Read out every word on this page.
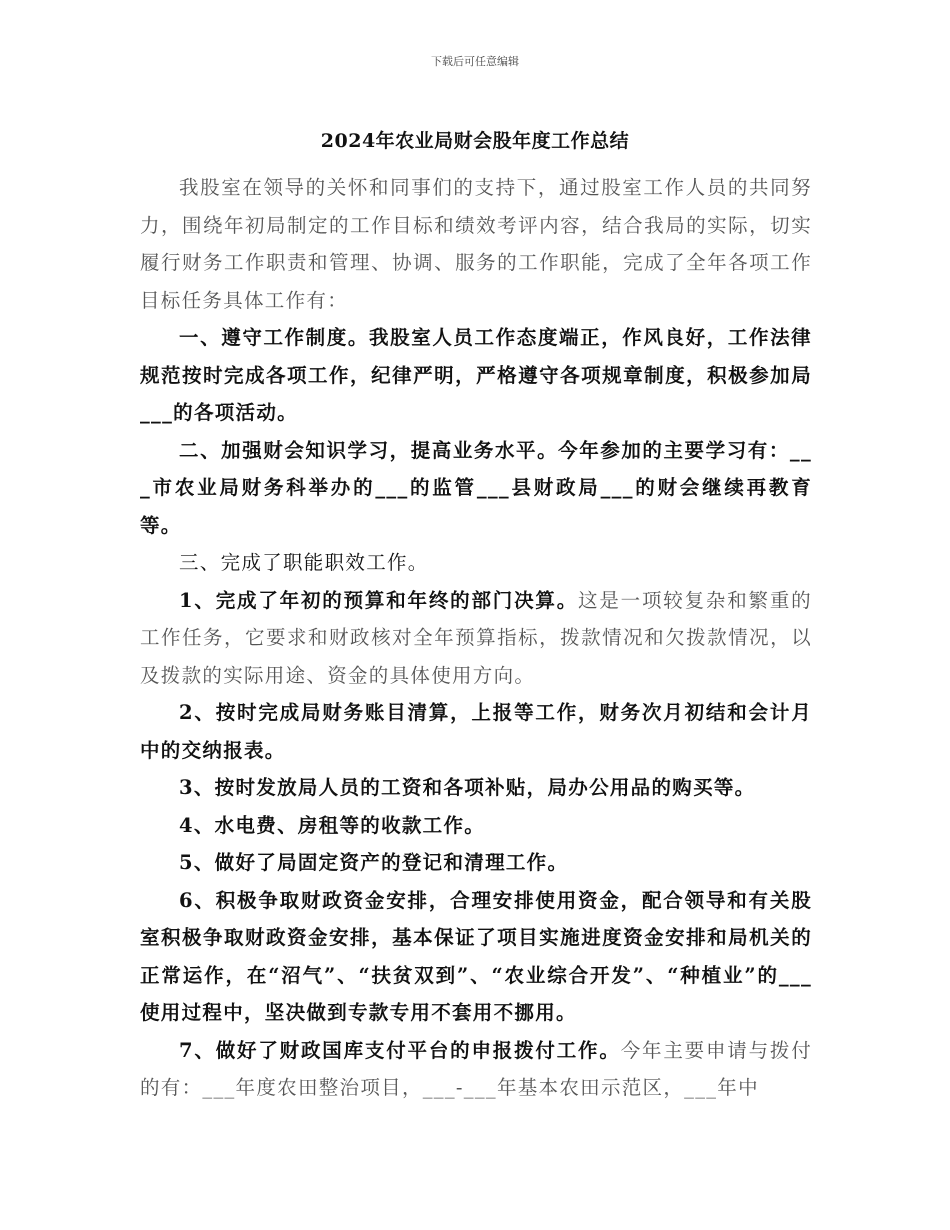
下载后可任意编辑
2024年农业局财会股年度工作总结

我股室在领导的关怀和同事们的支持下，通过股室工作人员的共同努力，围绕年初局制定的工作目标和绩效考评内容，结合我局的实际，切实履行财务工作职责和管理、协调、服务的工作职能，完成了全年各项工作目标任务具体工作有：

一、遵守工作制度。我股室人员工作态度端正，作风良好，工作法律规范按时完成各项工作，纪律严明，严格遵守各项规章制度，积极参加局___的各项活动。

二、加强财会知识学习，提高业务水平。今年参加的主要学习有：___市农业局财务科举办的___的监管___县财政局___的财会继续再教育等。

三、完成了职能职效工作。

1、完成了年初的预算和年终的部门决算。这是一项较复杂和繁重的工作任务，它要求和财政核对全年预算指标，拨款情况和欠拨款情况，以及拨款的实际用途、资金的具体使用方向。

2、按时完成局财务账目清算，上报等工作，财务次月初结和会计月中的交纳报表。

3、按时发放局人员的工资和各项补贴，局办公用品的购买等。

4、水电费、房租等的收款工作。

5、做好了局固定资产的登记和清理工作。

6、积极争取财政资金安排，合理安排使用资金，配合领导和有关股室积极争取财政资金安排，基本保证了项目实施进度资金安排和局机关的正常运作，在“沼气”、“扶贫双到”、“农业综合开发”、“种植业”的___使用过程中，坚决做到专款专用不套用不挪用。

7、做好了财政国库支付平台的申报拨付工作。今年主要申请与拨付的有：___年度农田整治项目，___-___年基本农田示范区，___年中
